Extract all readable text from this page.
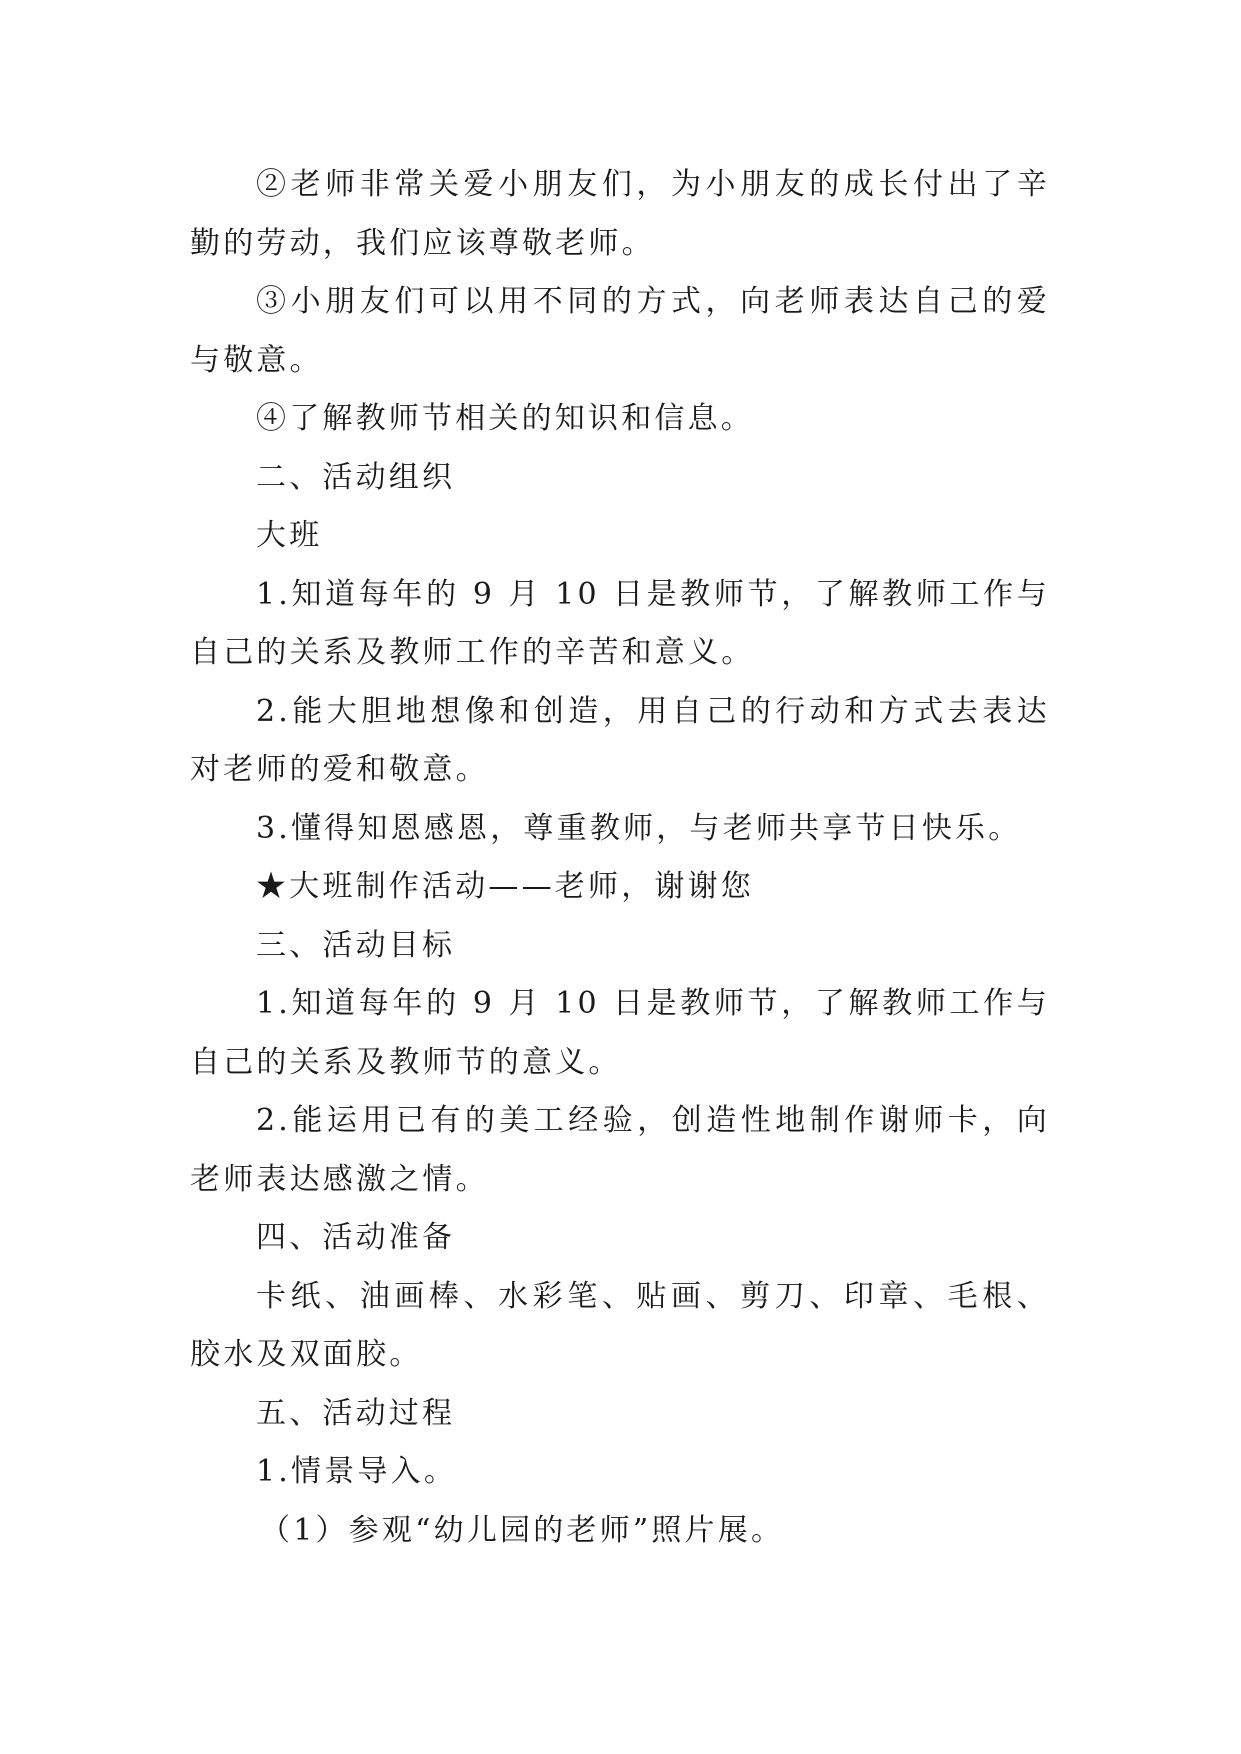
②老师非常关爱小朋友们，为小朋友的成长付出了辛勤的劳动，我们应该尊敬老师。

③小朋友们可以用不同的方式，向老师表达自己的爱与敬意。

④了解教师节相关的知识和信息。

二、活动组织

大班

1.知道每年的 9 月 10 日是教师节，了解教师工作与自己的关系及教师工作的辛苦和意义。

2.能大胆地想像和创造，用自己的行动和方式去表达对老师的爱和敬意。

3.懂得知恩感恩，尊重教师，与老师共享节日快乐。

★大班制作活动——老师，谢谢您

三、活动目标

1.知道每年的 9 月 10 日是教师节，了解教师工作与自己的关系及教师节的意义。

2.能运用已有的美工经验，创造性地制作谢师卡，向老师表达感激之情。

四、活动准备

卡纸、油画棒、水彩笔、贴画、剪刀、印章、毛根、胶水及双面胶。

五、活动过程

1.情景导入。

（1）参观“幼儿园的老师”照片展。
